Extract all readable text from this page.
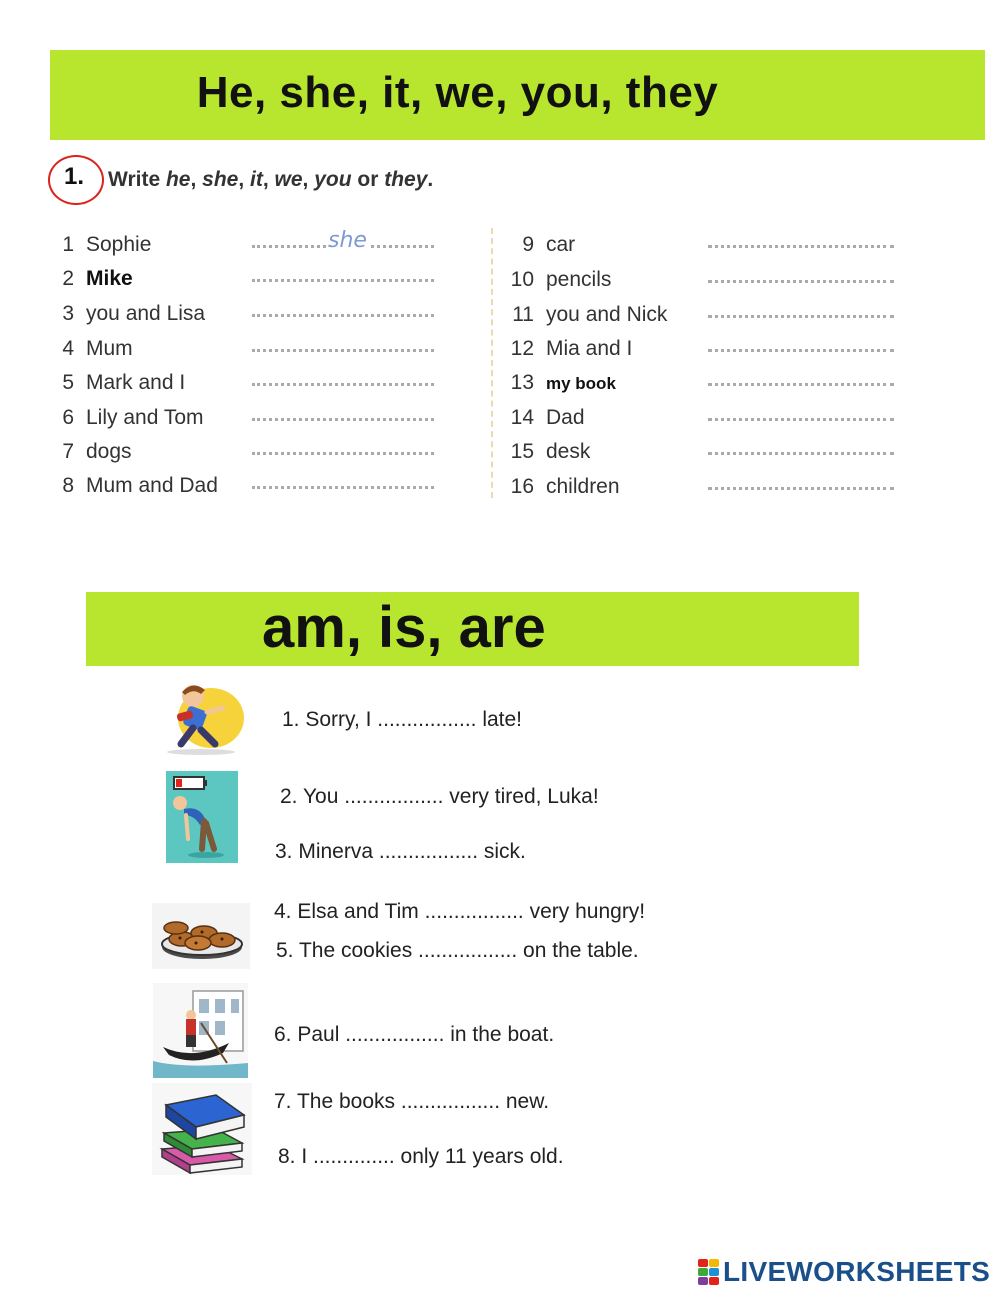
He, she, it, we, you, they
1. Write he, she, it, we, you or they.
1 Sophie
2 Mike
3 you and Lisa
4 Mum
5 Mark and I
6 Lily and Tom
7 dogs
8 Mum and Dad
she	9 car
10 pencils
11 you and Nick
12 Mia and I
13 my book
14 Dad
15 desk
16 children
am, is, are
1. Sorry, I ................. late!
2. You ................. very tired, Luka!
3. Minerva ................. sick.
4. Elsa and Tim ................. very hungry!
5. The cookies ................. on the table.
6. Paul ................. in the boat.
7. The books ................. new.
8. I .............. only 11 years old.
LIVEWORKSHEETS
